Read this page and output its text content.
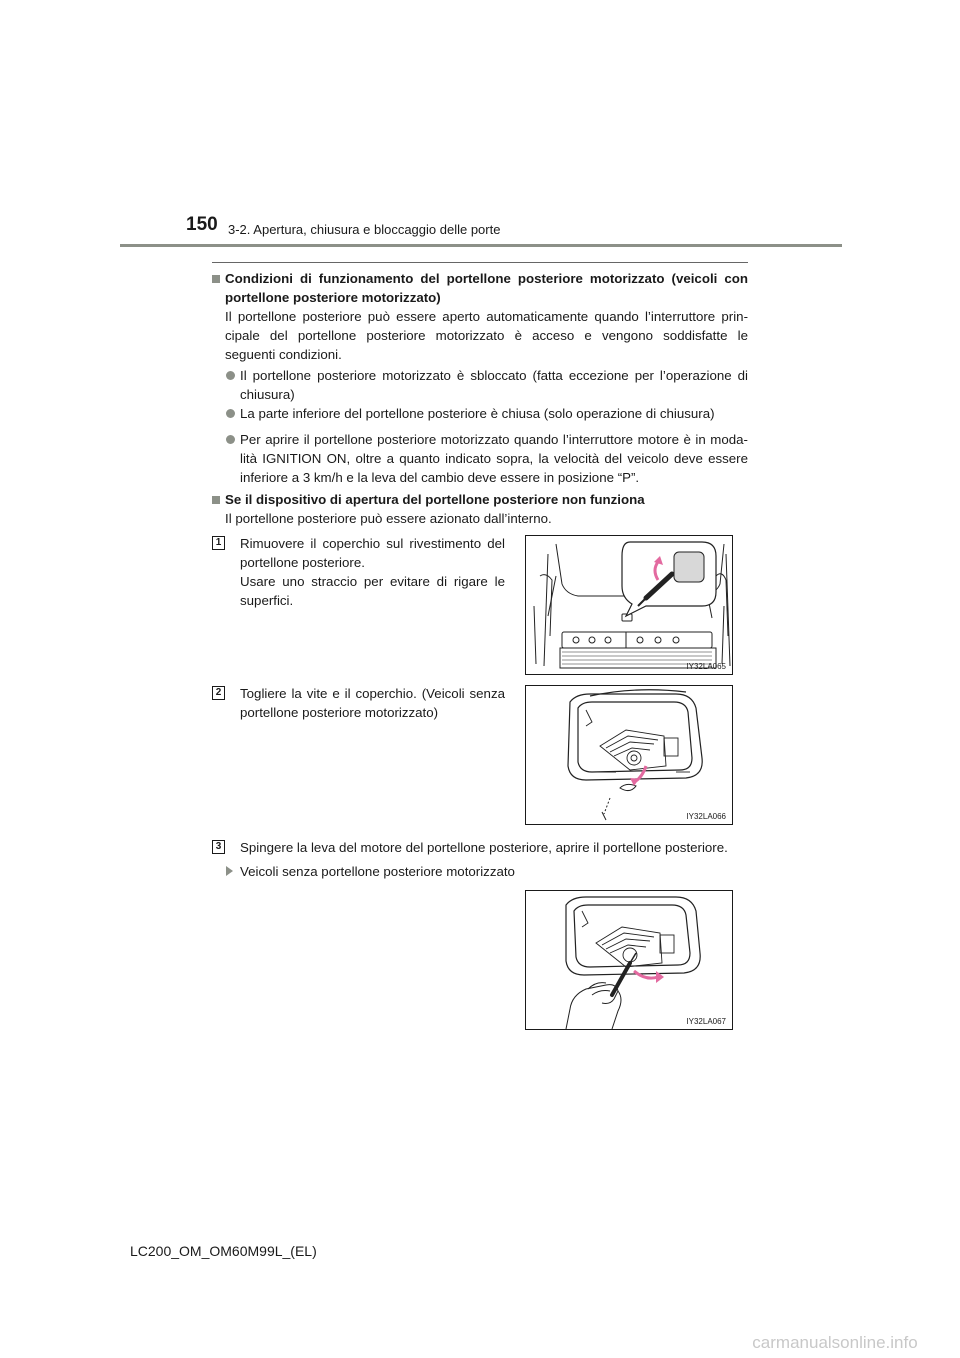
150 3-2. Apertura, chiusura e bloccaggio delle porte
Condizioni di funzionamento del portellone posteriore motorizzato (veicoli con
portellone posteriore motorizzato)
Il portellone posteriore può essere aperto automaticamente quando l’interruttore prin-
cipale del portellone posteriore motorizzato è acceso e vengono soddisfatte le
seguenti condizioni.
Il portellone posteriore motorizzato è sbloccato (fatta eccezione per l’operazione di
chiusura)
La parte inferiore del portellone posteriore è chiusa (solo operazione di chiusura)
Per aprire il portellone posteriore motorizzato quando l’interruttore motore è in moda-
lità IGNITION ON, oltre a quanto indicato sopra, la velocità del veicolo deve essere
inferiore a 3 km/h e la leva del cambio deve essere in posizione “P”.
Se il dispositivo di apertura del portellone posteriore non funziona
Il portellone posteriore può essere azionato dall’interno.
1 Rimuovere il coperchio sul rivestimento del
portellone posteriore.
Usare uno straccio per evitare di rigare le
superfici.
IY32LA065
2 Togliere la vite e il coperchio. (Veicoli senza
portellone posteriore motorizzato)
IY32LA066
3 Spingere la leva del motore del portellone posteriore, aprire il portellone posteriore.
Veicoli senza portellone posteriore motorizzato
IY32LA067
LC200_OM_OM60M99L_(EL)
carmanualsonline.info
